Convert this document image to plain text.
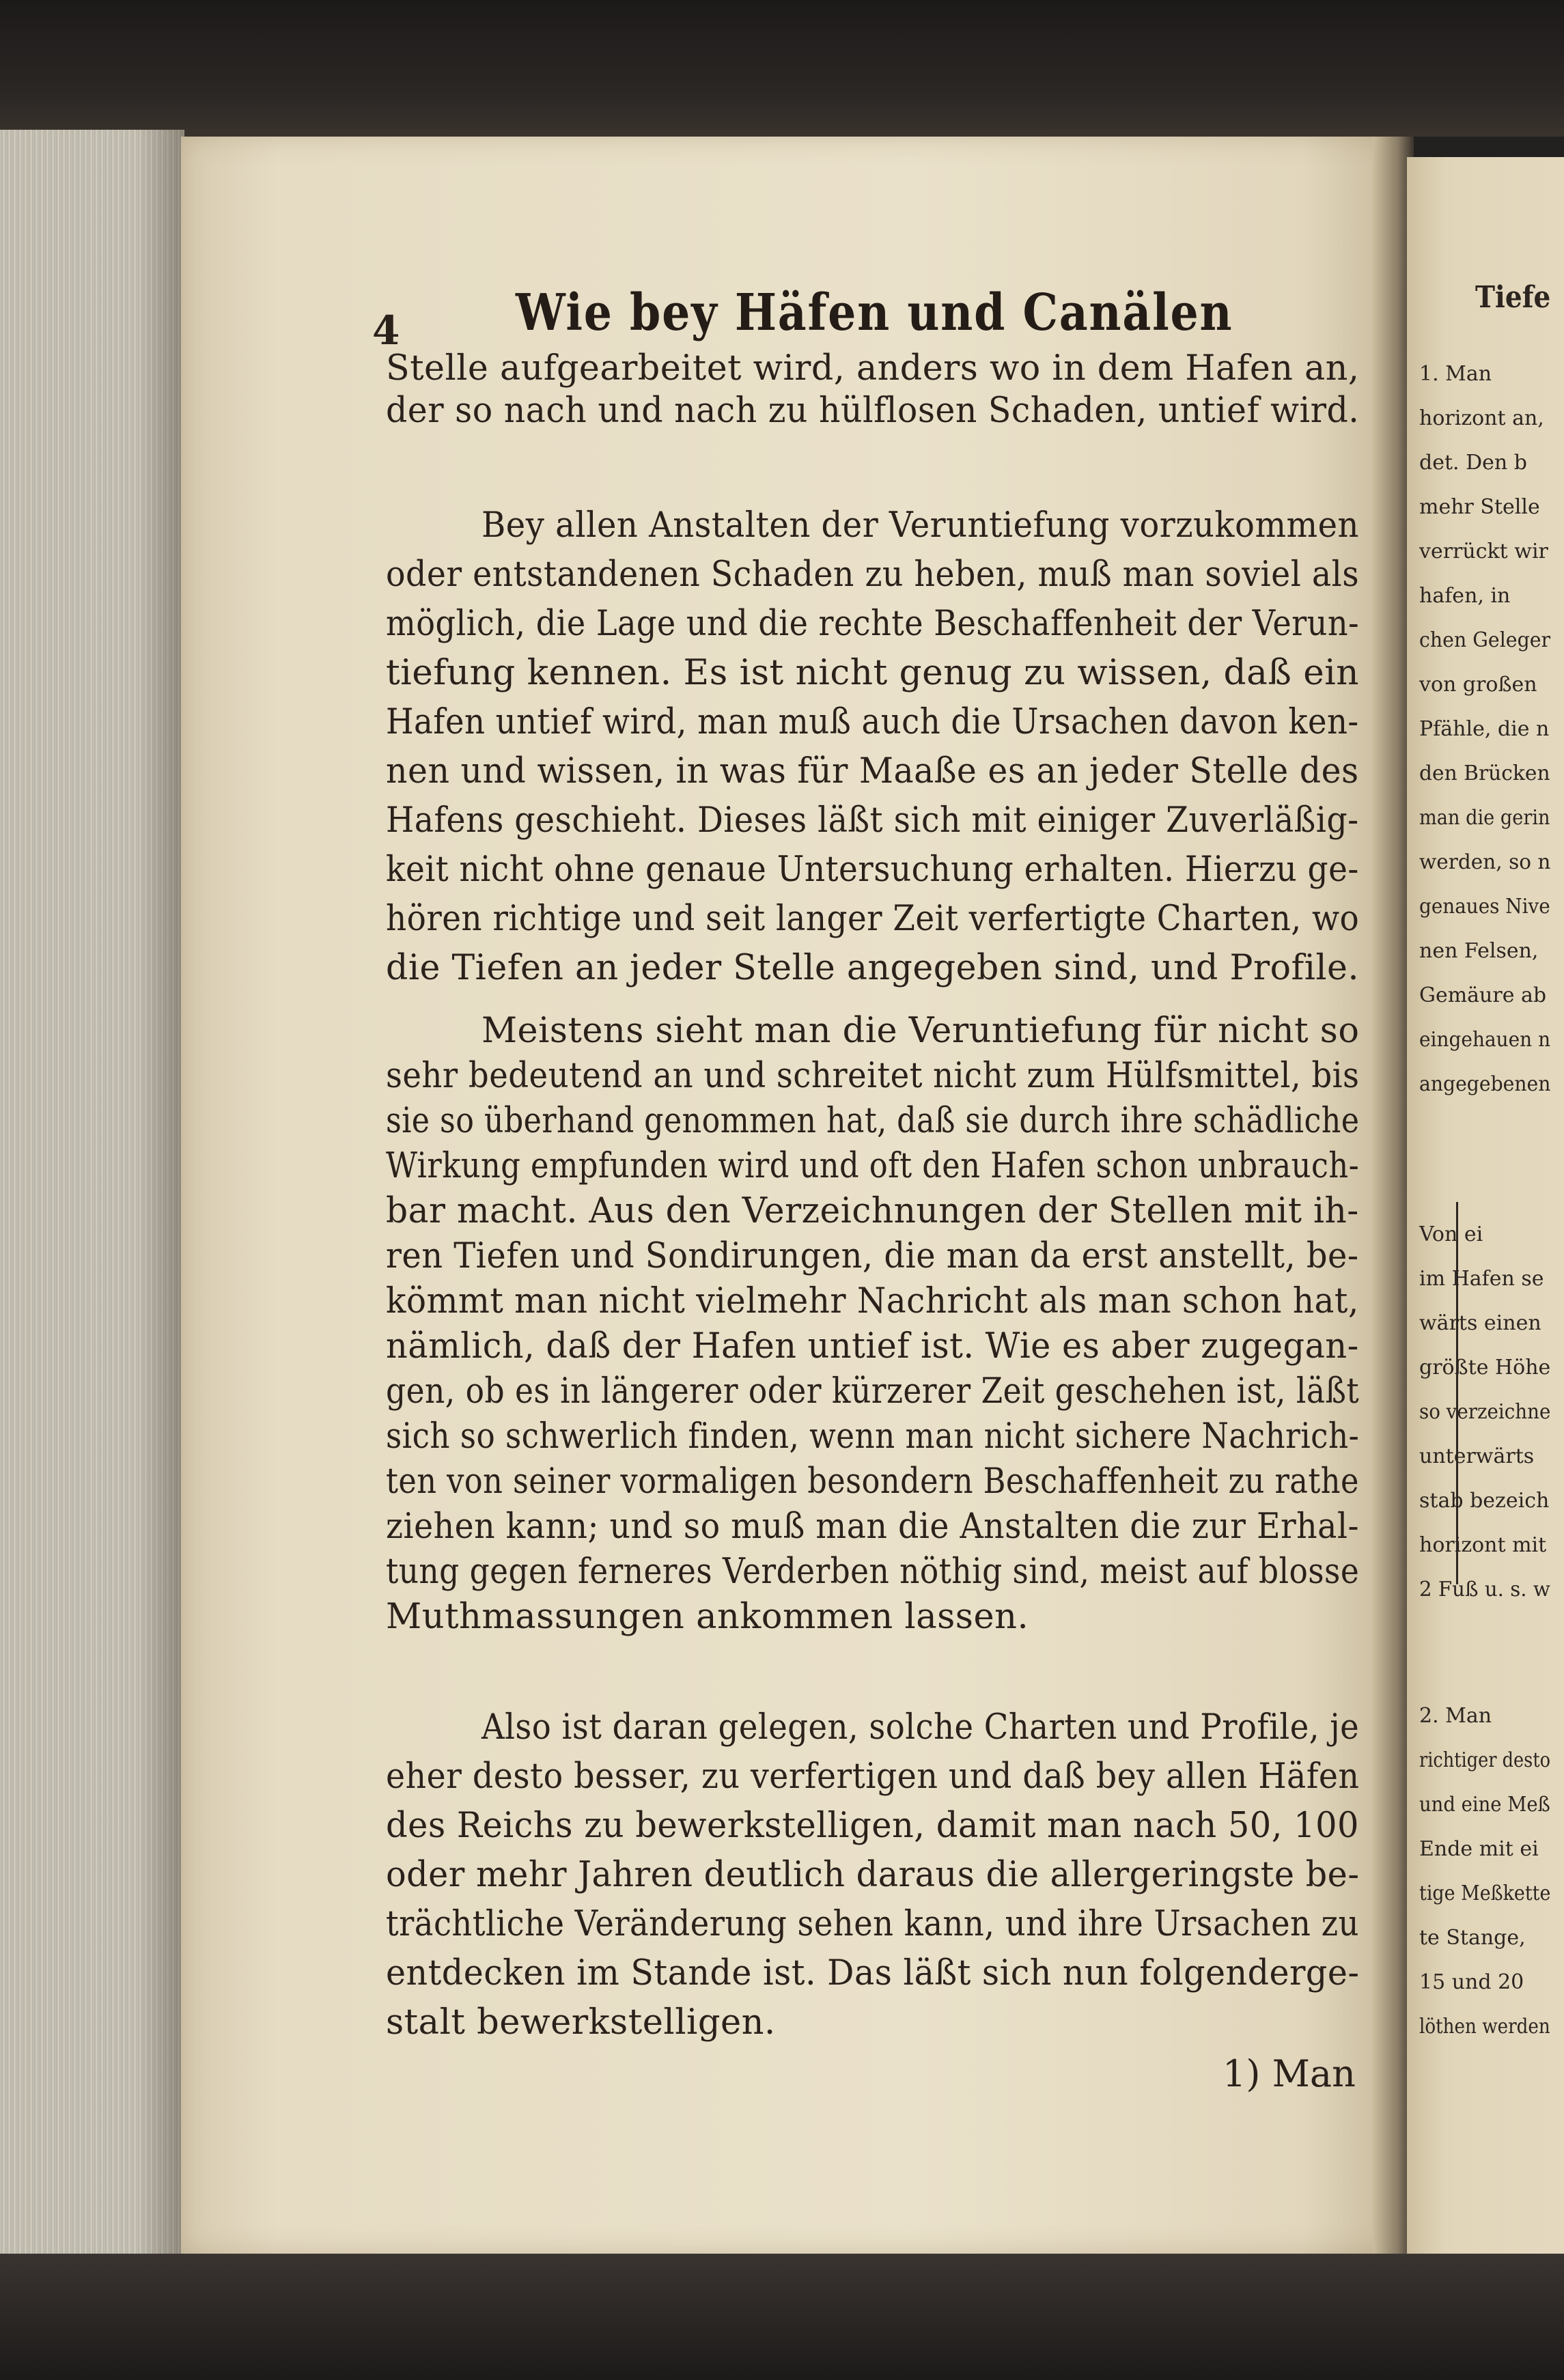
4 Wie bey Häfen und Canälen
Stelle aufgearbeitet wird, anders wo in dem Hafen an,
der so nach und nach zu hülflosen Schaden, untief wird.
Bey allen Anstalten der Veruntiefung vorzukommen
oder entstandenen Schaden zu heben, muß man soviel als
möglich, die Lage und die rechte Beschaffenheit der Verun-
tiefung kennen. Es ist nicht genug zu wissen, daß ein
Hafen untief wird, man muß auch die Ursachen davon ken-
nen und wissen, in was für Maaße es an jeder Stelle des
Hafens geschieht. Dieses läßt sich mit einiger Zuverläßig-
keit nicht ohne genaue Untersuchung erhalten. Hierzu ge-
hören richtige und seit langer Zeit verfertigte Charten, wo
die Tiefen an jeder Stelle angegeben sind, und Profile.
Meistens sieht man die Veruntiefung für nicht so
sehr bedeutend an und schreitet nicht zum Hülfsmittel, bis
sie so überhand genommen hat, daß sie durch ihre schädliche
Wirkung empfunden wird und oft den Hafen schon unbrauch-
bar macht. Aus den Verzeichnungen der Stellen mit ih-
ren Tiefen und Sondirungen, die man da erst anstellt, be-
kömmt man nicht vielmehr Nachricht als man schon hat,
nämlich, daß der Hafen untief ist. Wie es aber zugegan-
gen, ob es in längerer oder kürzerer Zeit geschehen ist, läßt
sich so schwerlich finden, wenn man nicht sichere Nachrich-
ten von seiner vormaligen besondern Beschaffenheit zu rathe
ziehen kann; und so muß man die Anstalten die zur Erhal-
tung gegen ferneres Verderben nöthig sind, meist auf blosse
Muthmassungen ankommen lassen.
Also ist daran gelegen, solche Charten und Profile, je
eher desto besser, zu verfertigen und daß bey allen Häfen
des Reichs zu bewerkstelligen, damit man nach 50, 100
oder mehr Jahren deutlich daraus die allergeringste be-
trächtliche Veränderung sehen kann, und ihre Ursachen zu
entdecken im Stande ist. Das läßt sich nun folgenderge-
stalt bewerkstelligen.
1) Man
Tiefe
1. Man
horizont an,
det. Den b
mehr Stelle
verrückt wir
hafen, in
chen Geleger
von großen
Pfähle, die n
den Brücken
man die gerin
werden, so n
genaues Nive
nen Felsen,
Gemäure ab
eingehauen n
angegebenen
Von ei
im Hafen se
wärts einen
größte Höhe
so verzeichne
unterwärts
stab bezeich
horizont mit
2 Fuß u. s. w
2. Man
richtiger desto
und eine Meß
Ende mit ei
tige Meßkette
te Stange,
15 und 20
löthen werden
